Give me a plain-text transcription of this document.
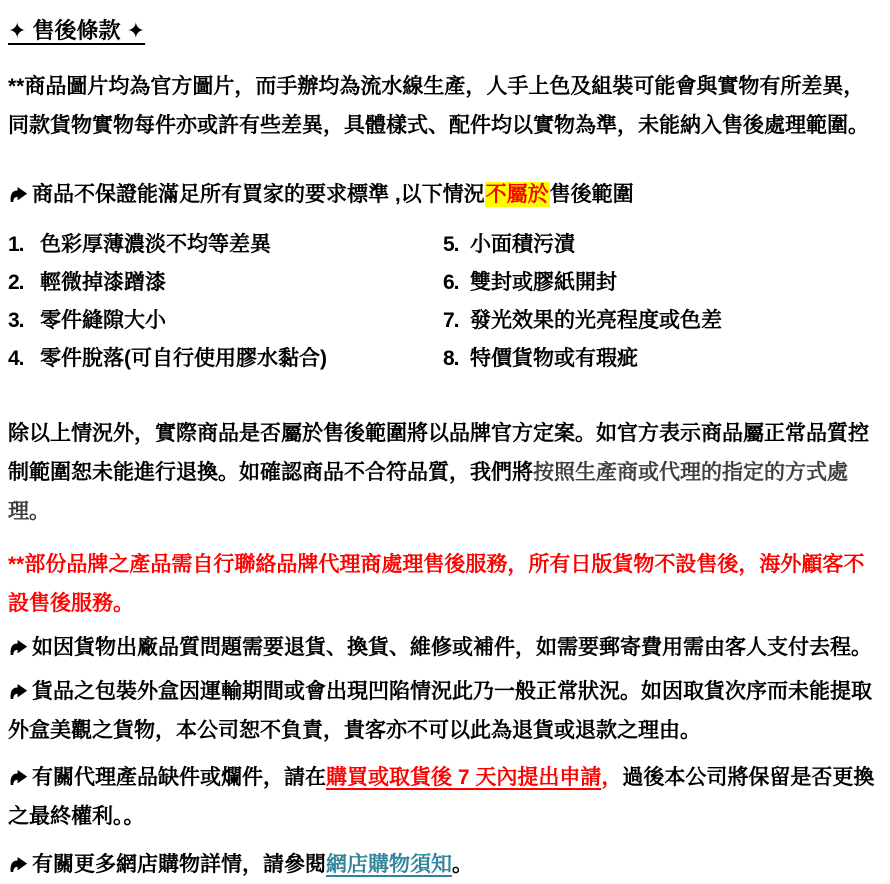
✦ 售後條款 ✦

**商品圖片均為官方圖片，而手辦均為流水線生產，人手上色及組裝可能會與實物有所差異，同款貨物實物每件亦或許有些差異，具體樣式、配件均以實物為準，未能納入售後處理範圍。

商品不保證能滿足所有買家的要求標準 ,以下情況不屬於售後範圍

1. 色彩厚薄濃淡不均等差異
2. 輕微掉漆蹭漆
3. 零件縫隙大小
4. 零件脫落(可自行使用膠水黏合)
5. 小面積污漬
6. 雙封或膠紙開封
7. 發光效果的光亮程度或色差
8. 特價貨物或有瑕疵

除以上情況外，實際商品是否屬於售後範圍將以品牌官方定案。如官方表示商品屬正常品質控制範圍恕未能進行退換。如確認商品不合符品質，我們將按照生產商或代理的指定的方式處理。

**部份品牌之產品需自行聯絡品牌代理商處理售後服務，所有日版貨物不設售後，海外顧客不設售後服務。

如因貨物出廠品質問題需要退貨、換貨、維修或補件，如需要郵寄費用需由客人支付去程。

貨品之包裝外盒因運輸期間或會出現凹陷情況此乃一般正常狀況。如因取貨次序而未能提取外盒美觀之貨物，本公司恕不負責，貴客亦不可以此為退貨或退款之理由。

有關代理產品缺件或爛件，請在購買或取貨後 7 天內提出申請，過後本公司將保留是否更換之最終權利。。

有關更多網店購物詳情，請參閱網店購物須知。
